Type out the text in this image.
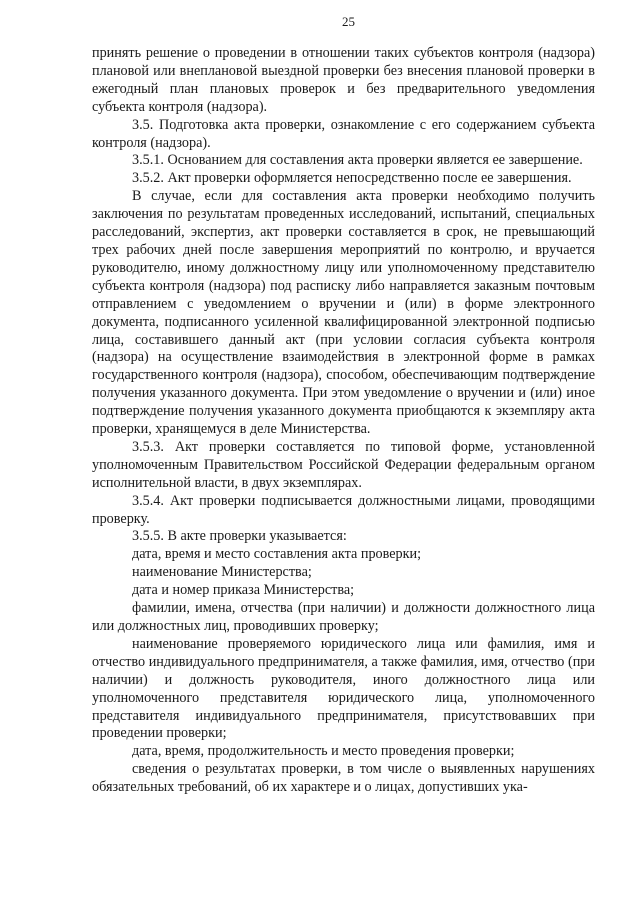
25

принять решение о проведении в отношении таких субъектов контроля (надзора) плановой или внеплановой выездной проверки без внесения плановой проверки в ежегодный план плановых проверок и без предварительного уведомления субъекта контроля (надзора).

3.5. Подготовка акта проверки, ознакомление с его содержанием субъекта контроля (надзора).

3.5.1. Основанием для составления акта проверки является ее завершение.

3.5.2. Акт проверки оформляется непосредственно после ее завершения.

В случае, если для составления акта проверки необходимо получить заключения по результатам проведенных исследований, испытаний, специальных расследований, экспертиз, акт проверки составляется в срок, не превышающий трех рабочих дней после завершения мероприятий по контролю, и вручается руководителю, иному должностному лицу или уполномоченному представителю субъекта контроля (надзора) под расписку либо направляется заказным почтовым отправлением с уведомлением о вручении и (или) в форме электронного документа, подписанного усиленной квалифицированной электронной подписью лица, составившего данный акт (при условии согласия субъекта контроля (надзора) на осуществление взаимодействия в электронной форме в рамках государственного контроля (надзора), способом, обеспечивающим подтверждение получения указанного документа. При этом уведомление о вручении и (или) иное подтверждение получения указанного документа приобщаются к экземпляру акта проверки, хранящемуся в деле Министерства.

3.5.3. Акт проверки составляется по типовой форме, установленной уполномоченным Правительством Российской Федерации федеральным органом исполнительной власти, в двух экземплярах.

3.5.4. Акт проверки подписывается должностными лицами, проводящими проверку.

3.5.5. В акте проверки указывается:

дата, время и место составления акта проверки;

наименование Министерства;

дата и номер приказа Министерства;

фамилии, имена, отчества (при наличии) и должности должностного лица или должностных лиц, проводивших проверку;

наименование проверяемого юридического лица или фамилия, имя и отчество индивидуального предпринимателя, а также фамилия, имя, отчество (при наличии) и должность руководителя, иного должностного лица или уполномоченного представителя юридического лица, уполномоченного представителя индивидуального предпринимателя, присутствовавших при проведении проверки;

дата, время, продолжительность и место проведения проверки;

сведения о результатах проверки, в том числе о выявленных нарушениях обязательных требований, об их характере и о лицах, допустивших ука-
